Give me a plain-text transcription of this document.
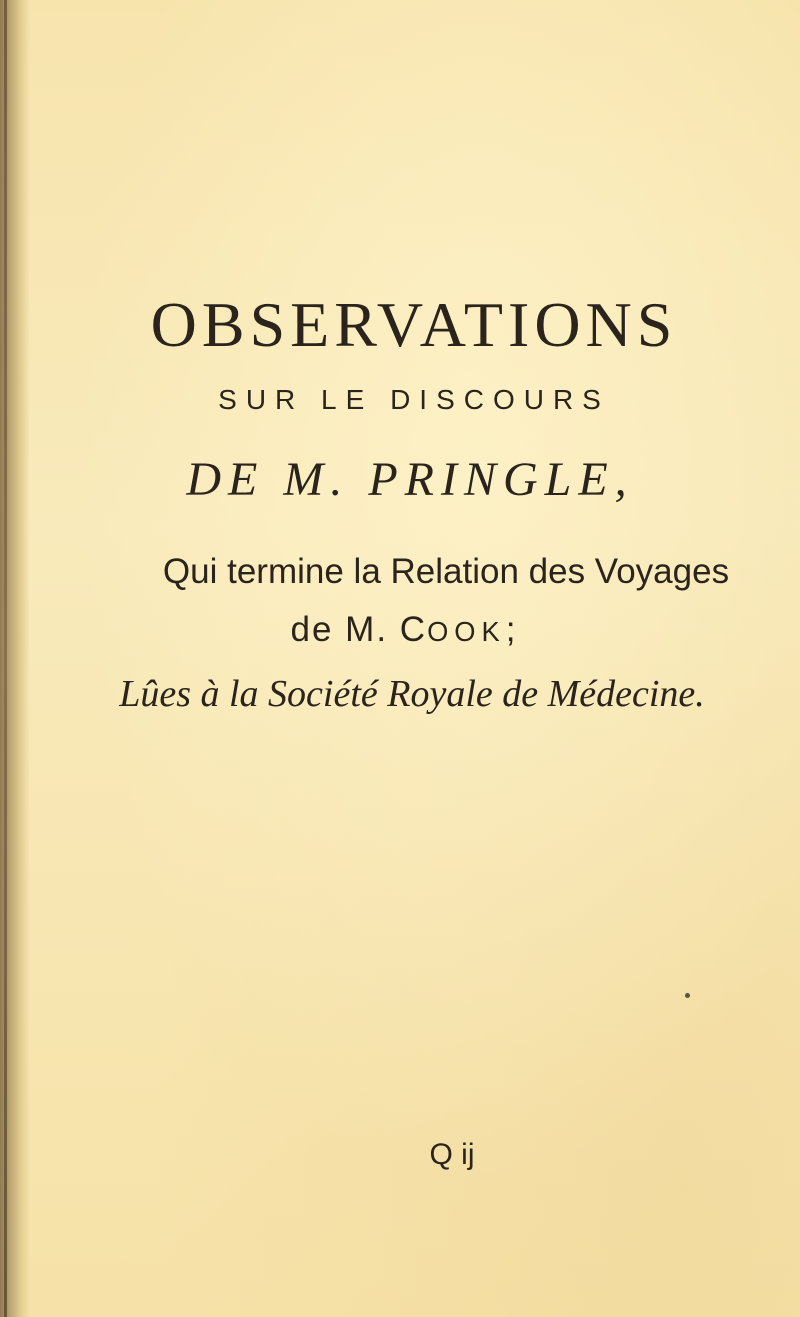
OBSERVATIONS
SUR LE DISCOURS
DE M. PRINGLE,
Qui termine la Relation des Voyages
de M. COOK;
Lûes à la Société Royale de Médecine.
Q ij
